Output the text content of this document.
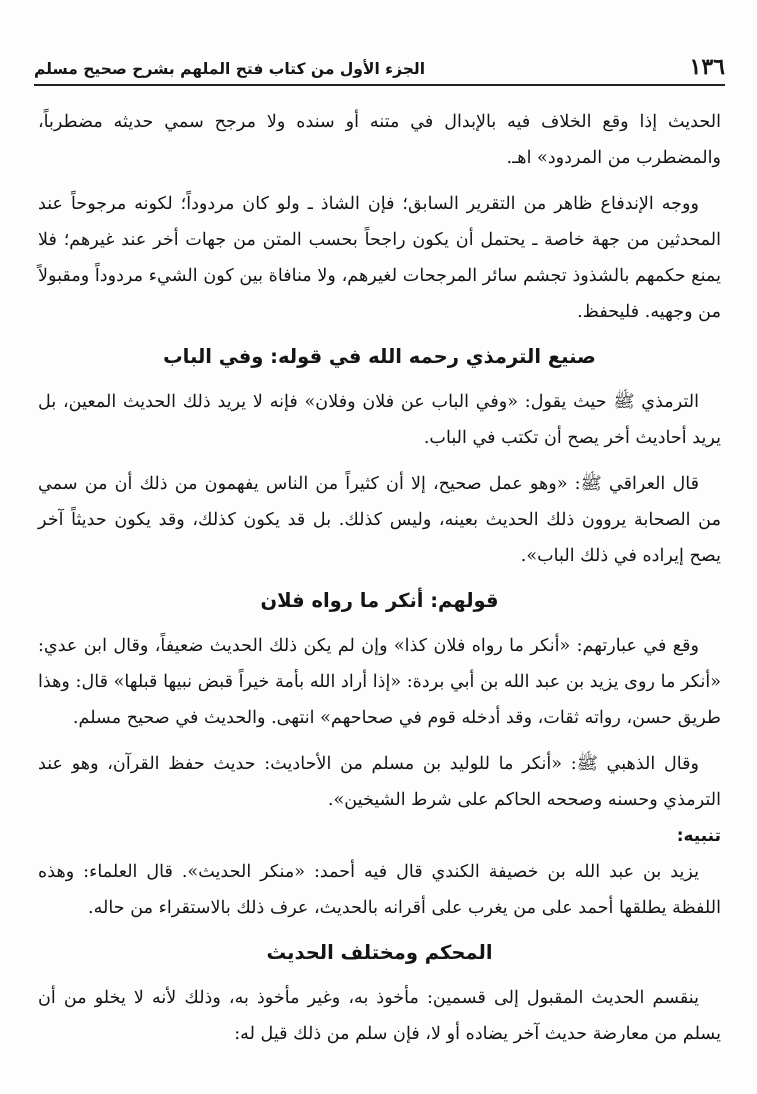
١٣٦
الجزء الأول من كتاب فتح الملهم بشرح صحيح مسلم

الحديث إذا وقع الخلاف فيه بالإبدال في متنه أو سنده ولا مرجح سمي حديثه مضطرباً، والمضطرب من المردود» اهـ.

ووجه الإندفاع ظاهر من التقرير السابق؛ فإن الشاذ ـ ولو كان مردوداً؛ لكونه مرجوحاً عند المحدثين من جهة خاصة ـ يحتمل أن يكون راجحاً بحسب المتن من جهات أخر عند غيرهم؛ فلا يمنع حكمهم بالشذوذ تجشم سائر المرجحات لغيرهم، ولا منافاة بين كون الشيء مردوداً ومقبولاً من وجهيه. فليحفظ.

صنيع الترمذي رحمه الله في قوله: وفي الباب

الترمذي ﷺ حيث يقول: «وفي الباب عن فلان وفلان» فإنه لا يريد ذلك الحديث المعين، بل يريد أحاديث أخر يصح أن تكتب في الباب.

قال العراقي ﷺ: «وهو عمل صحيح، إلا أن كثيراً من الناس يفهمون من ذلك أن من سمي من الصحابة يروون ذلك الحديث بعينه، وليس كذلك. بل قد يكون كذلك، وقد يكون حديثاً آخر يصح إيراده في ذلك الباب».

قولهم: أنكر ما رواه فلان

وقع في عبارتهم: «أنكر ما رواه فلان كذا» وإن لم يكن ذلك الحديث ضعيفاً، وقال ابن عدي: «أنكر ما روى يزيد بن عبد الله بن أبي بردة: «إذا أراد الله بأمة خيراً قبض نبيها قبلها» قال: وهذا طريق حسن، رواته ثقات، وقد أدخله قوم في صحاحهم» انتهى. والحديث في صحيح مسلم.

وقال الذهبي ﷺ: «أنكر ما للوليد بن مسلم من الأحاديث: حديث حفظ القرآن، وهو عند الترمذي وحسنه وصححه الحاكم على شرط الشيخين».

تنبيه:

يزيد بن عبد الله بن خصيفة الكندي قال فيه أحمد: «منكر الحديث». قال العلماء: وهذه اللفظة يطلقها أحمد على من يغرب على أقرانه بالحديث، عرف ذلك بالاستقراء من حاله.

المحكم ومختلف الحديث

ينقسم الحديث المقبول إلى قسمين: مأخوذ به، وغير مأخوذ به، وذلك لأنه لا يخلو من أن يسلم من معارضة حديث آخر يضاده أو لا، فإن سلم من ذلك قيل له:
